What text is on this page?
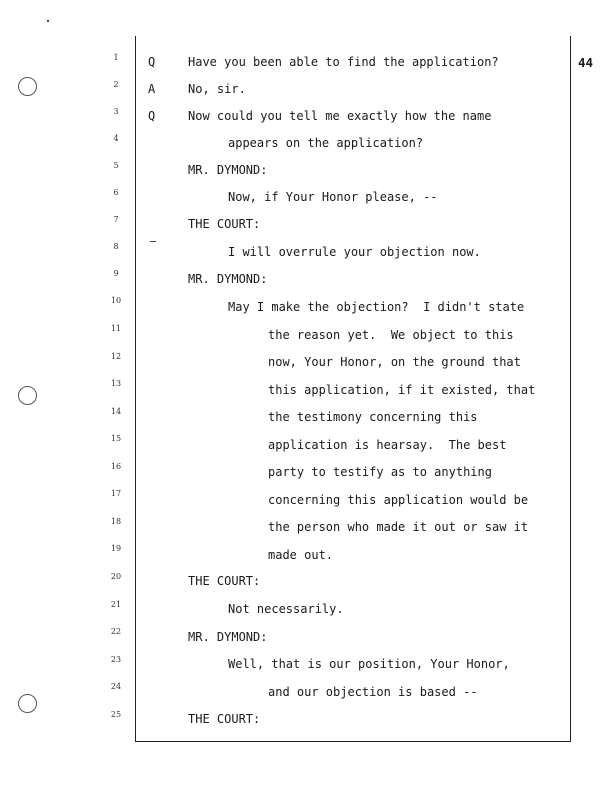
44
1
2
3
4
5
6
7
8
9
10
11
12
13
14
15
16
17
18
19
20
21
22
23
24
25
Q	Have you been able to find the application?
A	No, sir.
Q	Now could you tell me exactly how the name
appears on the application?
MR. DYMOND:
Now, if Your Honor please, --
THE COURT:
I will overrule your objection now.
MR. DYMOND:
May I make the objection?  I didn't state
the reason yet.  We object to this
now, Your Honor, on the ground that
this application, if it existed, that
the testimony concerning this
application is hearsay.  The best
party to testify as to anything
concerning this application would be
the person who made it out or saw it
made out.
THE COURT:
Not necessarily.
MR. DYMOND:
Well, that is our position, Your Honor,
and our objection is based --
THE COURT:
